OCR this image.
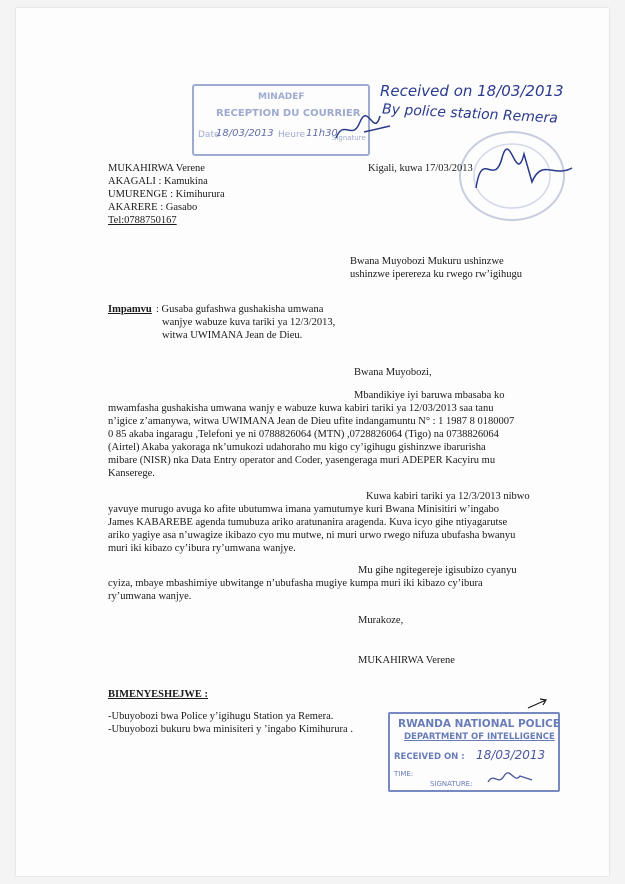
MINADEF
RECEPTION DU COURRIER
Date
18/03/2013 Heure 11h30
Signature
Received on 18/03/2013
By police station Remera
MUKAHIRWA Verene
AKAGALI : Kamukina
UMURENGE : Kimihurura
AKARERE : Gasabo
Tel:0788750167
Kigali, kuwa 17/03/2013
Bwana Muyobozi Mukuru ushinzwe
ushinzwe iperereza ku rwego rw’igihugu
Impamvu : Gusaba gufashwa gushakisha umwana
wanjye wabuze kuva tariki ya 12/3/2013,
witwa UWIMANA Jean de Dieu.
Bwana Muyobozi,
Mbandikiye iyi baruwa mbasaba ko
mwamfasha gushakisha umwana wanjy e wabuze kuwa kabiri tariki ya 12/03/2013 saa tanu
n’igice z’amanywa, witwa UWIMANA Jean de Dieu ufite indangamuntu N° : 1 1987 8 0180007
0 85 akaba ingaragu ,Telefoni ye ni 0788826064 (MTN) ,0728826064 (Tigo) na 0738826064
(Airtel) Akaba yakoraga nk’umukozi udahoraho mu kigo cy’igihugu gishinzwe ibarurisha
mibare (NISR) nka Data Entry operator and Coder, yasengeraga muri ADEPER Kacyiru mu
Kanserege.
Kuwa kabiri tariki ya 12/3/2013 nibwo
yavuye murugo avuga ko afite ubutumwa imana yamutumye kuri Bwana Minisitiri w’ingabo
James KABAREBE agenda tumubuza ariko aratunanira aragenda. Kuva icyo gihe ntiyagarutse
ariko yagiye asa n’uwagize ikibazo cyo mu mutwe, ni muri urwo rwego nifuza ubufasha bwanyu
muri iki kibazo cy’ibura ry’umwana wanjye.
Mu gihe ngitegereje igisubizo cyanyu
cyiza, mbaye mbashimiye ubwitange n’ubufasha mugiye kumpa muri iki kibazo cy’ibura
ry’umwana wanjye.
Murakoze,
MUKAHIRWA Verene
BIMENYESHEJWE :
-Ubuyobozi bwa Police y’igihugu Station ya Remera.
-Ubuyobozi bukuru bwa minisiteri y ’ingabo Kimihurura .	RWANDA NATIONAL POLICE
DEPARTMENT OF INTELLIGENCE
RECEIVED ON : 18/03/2013
TIME:
SIGNATURE:
